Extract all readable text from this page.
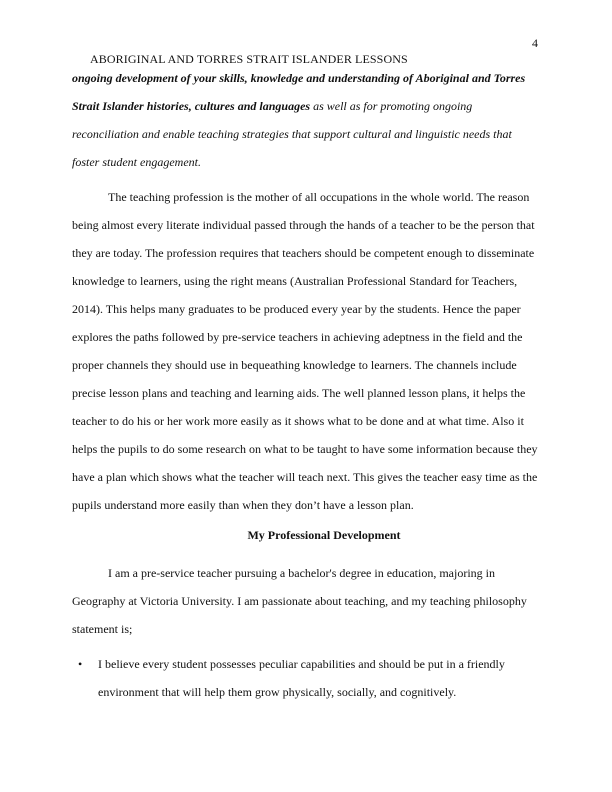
4
ABORIGINAL AND TORRES STRAIT ISLANDER LESSONS
ongoing development of your skills, knowledge and understanding of Aboriginal and Torres
Strait Islander histories, cultures and languages as well as for promoting ongoing
reconciliation and enable teaching strategies that support cultural and linguistic needs that
foster student engagement.
The teaching profession is the mother of all occupations in the whole world. The reason
being almost every literate individual passed through the hands of a teacher to be the person that
they are today. The profession requires that teachers should be competent enough to disseminate
knowledge to learners, using the right means (Australian Professional Standard for Teachers,
2014). This helps many graduates to be produced every year by the students. Hence the paper
explores the paths followed by pre-service teachers in achieving adeptness in the field and the
proper channels they should use in bequeathing knowledge to learners. The channels include
precise lesson plans and teaching and learning aids. The well planned lesson plans, it helps the
teacher to do his or her work more easily as it shows what to be done and at what time. Also it
helps the pupils to do some research on what to be taught to have some information because they
have a plan which shows what the teacher will teach next. This gives the teacher easy time as the
pupils understand more easily than when they don’t have a lesson plan.
My Professional Development
I am a pre-service teacher pursuing a bachelor's degree in education, majoring in
Geography at Victoria University. I am passionate about teaching, and my teaching philosophy
statement is;
• I believe every student possesses peculiar capabilities and should be put in a friendly
environment that will help them grow physically, socially, and cognitively.
